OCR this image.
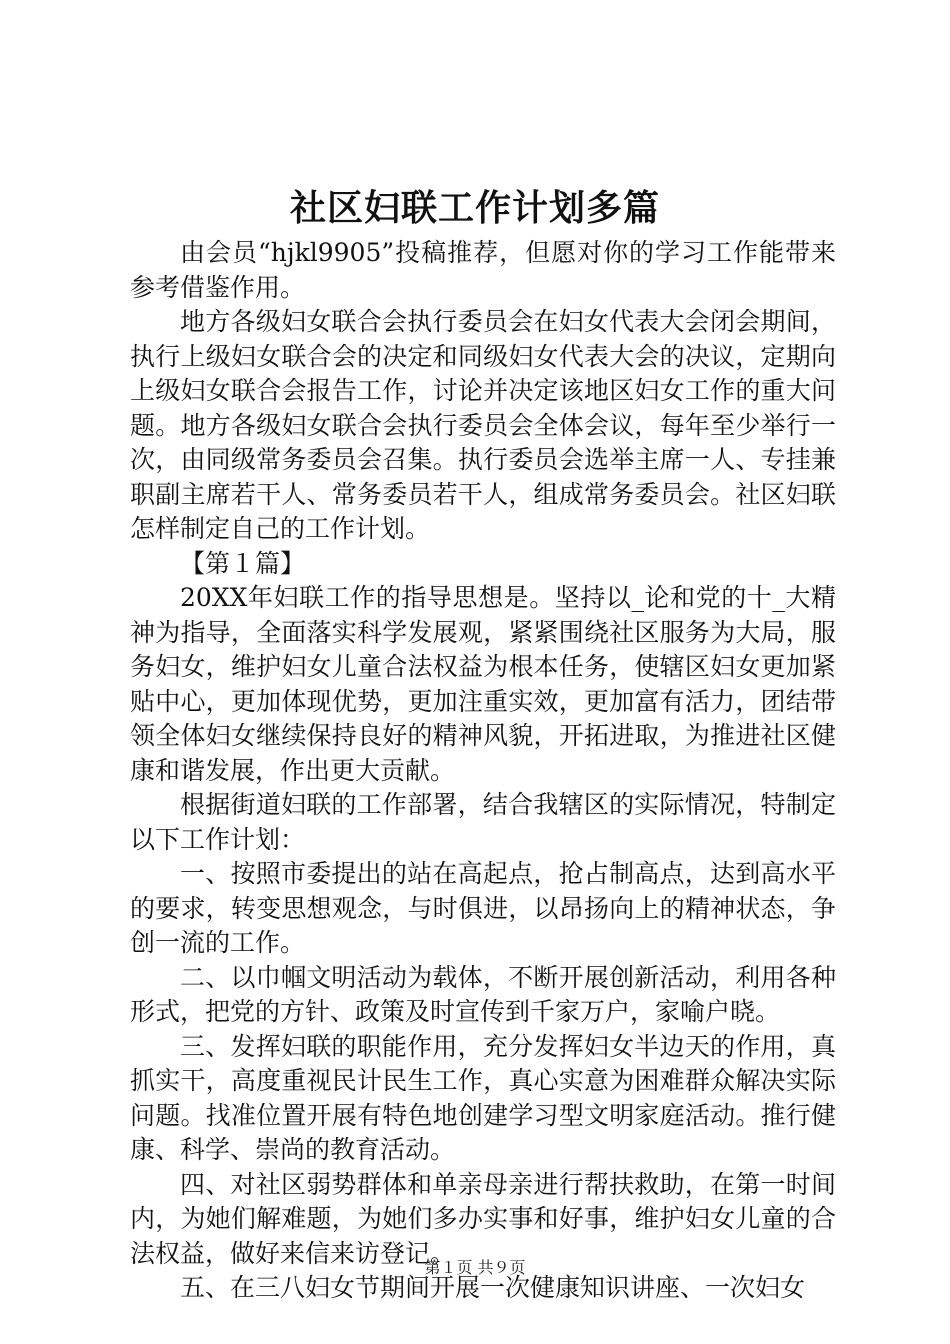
社区妇联工作计划多篇

由会员“hjkl9905”投稿推荐，但愿对你的学习工作能带来参考借鉴作用。

地方各级妇女联合会执行委员会在妇女代表大会闭会期间，执行上级妇女联合会的决定和同级妇女代表大会的决议，定期向上级妇女联合会报告工作，讨论并决定该地区妇女工作的重大问题。地方各级妇女联合会执行委员会全体会议，每年至少举行一次，由同级常务委员会召集。执行委员会选举主席一人、专挂兼职副主席若干人、常务委员若干人，组成常务委员会。社区妇联怎样制定自己的工作计划。

【第１篇】

20XX年妇联工作的指导思想是。坚持以_论和党的十_大精神为指导，全面落实科学发展观，紧紧围绕社区服务为大局，服务妇女，维护妇女儿童合法权益为根本任务，使辖区妇女更加紧贴中心，更加体现优势，更加注重实效，更加富有活力，团结带领全体妇女继续保持良好的精神风貌，开拓进取，为推进社区健康和谐发展，作出更大贡献。

根据街道妇联的工作部署，结合我辖区的实际情况，特制定以下工作计划：

一、按照市委提出的站在高起点，抢占制高点，达到高水平的要求，转变思想观念，与时俱进，以昂扬向上的精神状态，争创一流的工作。

二、以巾帼文明活动为载体，不断开展创新活动，利用各种形式，把党的方针、政策及时宣传到千家万户，家喻户晓。

三、发挥妇联的职能作用，充分发挥妇女半边天的作用，真抓实干，高度重视民计民生工作，真心实意为困难群众解决实际问题。找准位置开展有特色地创建学习型文明家庭活动。推行健康、科学、崇尚的教育活动。

四、对社区弱势群体和单亲母亲进行帮扶救助，在第一时间内，为她们解难题，为她们多办实事和好事，维护妇女儿童的合法权益，做好来信来访登记。

五、在三八妇女节期间开展一次健康知识讲座、一次妇女

第１页 共９页
